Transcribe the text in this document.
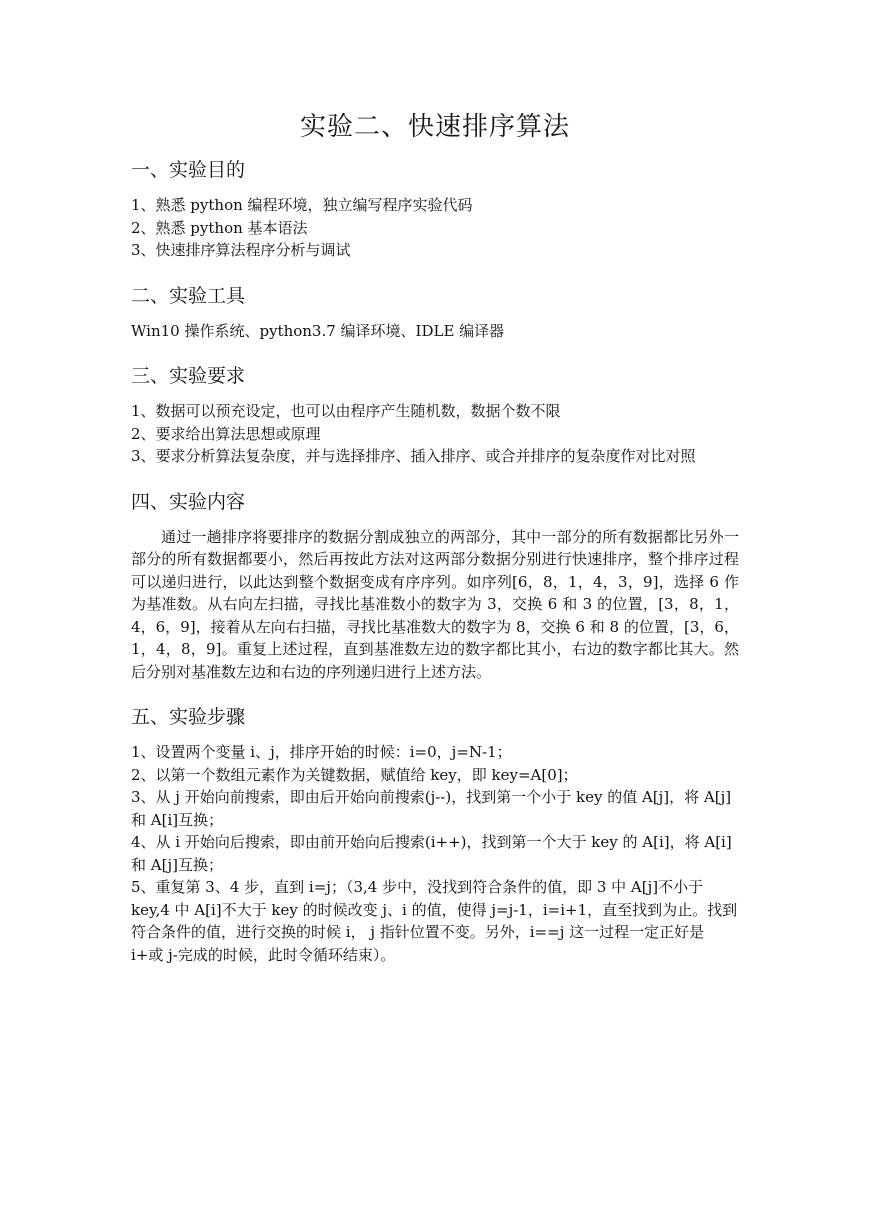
实验二、快速排序算法
一、实验目的

1、熟悉 python 编程环境，独立编写程序实验代码

2、熟悉 python 基本语法

3、快速排序算法程序分析与调试

二、实验工具

Win10 操作系统、python3.7 编译环境、IDLE 编译器

三、实验要求

1、数据可以预充设定，也可以由程序产生随机数，数据个数不限

2、要求给出算法思想或原理

3、要求分析算法复杂度，并与选择排序、插入排序、或合并排序的复杂度作对比对照

四、实验内容

通过一趟排序将要排序的数据分割成独立的两部分，其中一部分的所有数据都比另外一部分的所有数据都要小，然后再按此方法对这两部分数据分别进行快速排序，整个排序过程可以递归进行，以此达到整个数据变成有序序列。如序列[6，8，1，4，3，9]，选择 6 作为基准数。从右向左扫描，寻找比基准数小的数字为 3，交换 6 和 3 的位置，[3，8，1，4，6，9]，接着从左向右扫描，寻找比基准数大的数字为 8，交换 6 和 8 的位置，[3，6，1，4，8，9]。重复上述过程，直到基准数左边的数字都比其小，右边的数字都比其大。然后分别对基准数左边和右边的序列递归进行上述方法。

五、实验步骤

1、设置两个变量 i、j，排序开始的时候：i=0，j=N-1；

2、以第一个数组元素作为关键数据，赋值给 key，即 key=A[0]；

3、从 j 开始向前搜索，即由后开始向前搜索(j--)，找到第一个小于 key 的值 A[j]，将 A[j]和 A[i]互换；

4、从 i 开始向后搜索，即由前开始向后搜索(i++)，找到第一个大于 key 的 A[i]，将 A[i]和 A[j]互换；

5、重复第 3、4 步，直到 i=j；（3,4 步中，没找到符合条件的值，即 3 中 A[j]不小于 key,4 中 A[i]不大于 key 的时候改变 j、i 的值，使得 j=j-1，i=i+1，直至找到为止。找到符合条件的值，进行交换的时候 i， j 指针位置不变。另外，i==j 这一过程一定正好是 i+或 j-完成的时候，此时令循环结束）。
